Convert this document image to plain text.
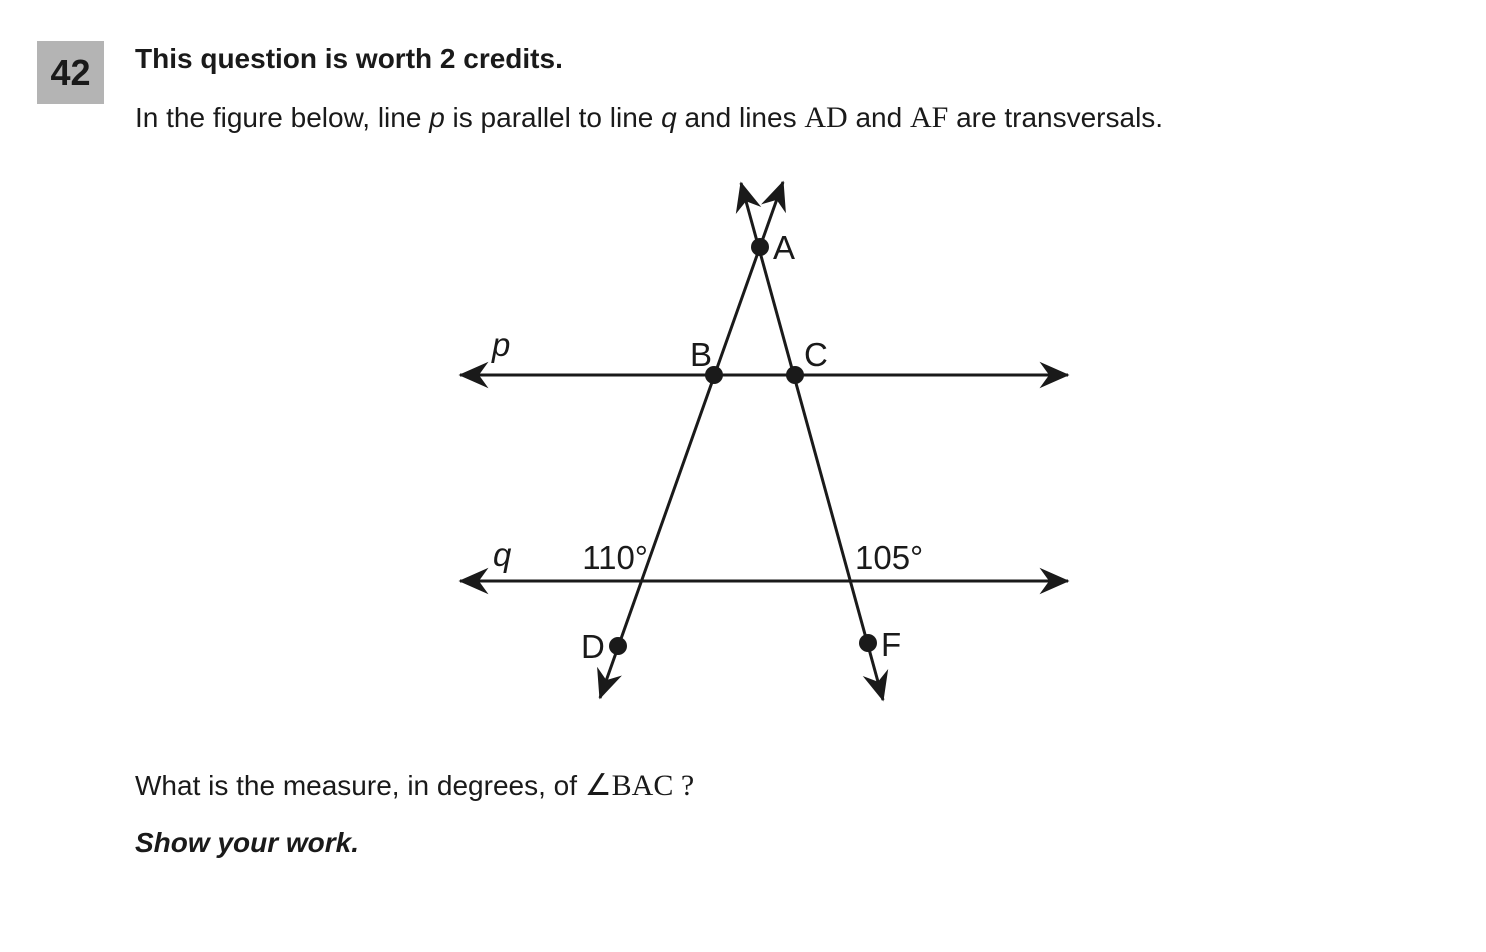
42 This question is worth 2 credits.

In the figure below, line p is parallel to line q and lines AD and AF are transversals.

p
q
A
B	C
D	F
110°	105°

What is the measure, in degrees, of ∠BAC ?

Show your work.
